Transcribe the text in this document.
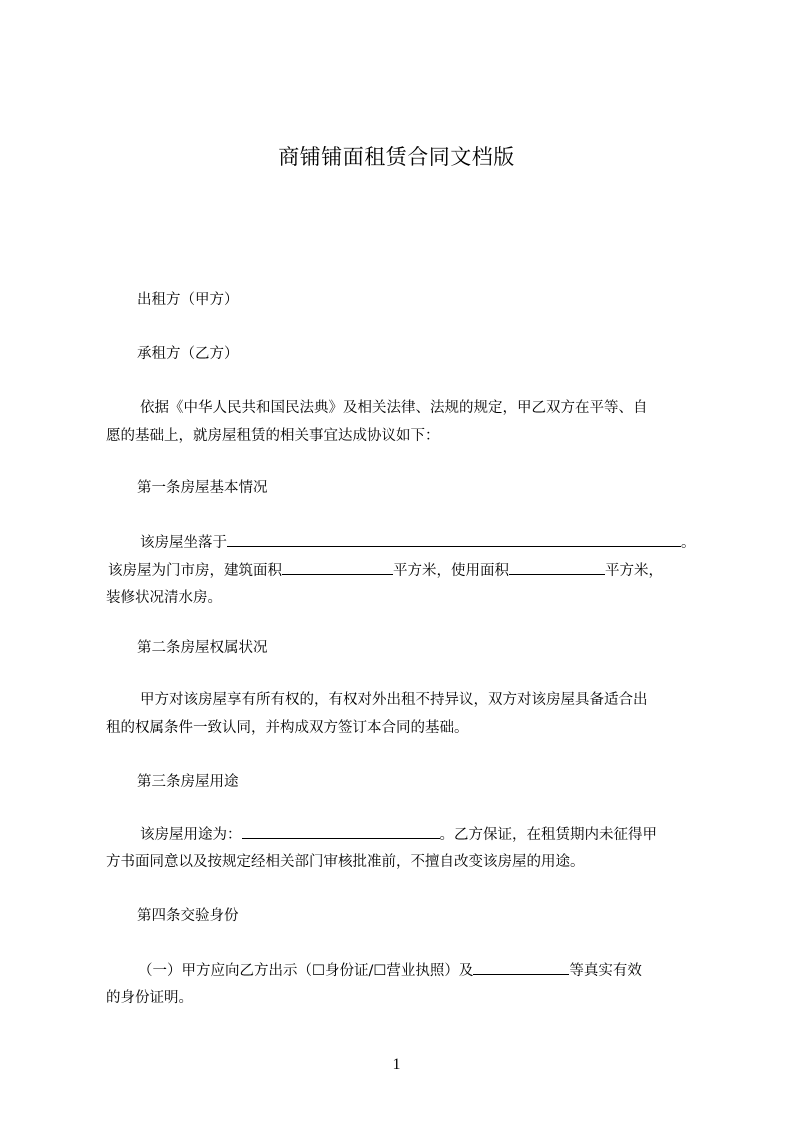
商铺铺面租赁合同文档版
出租方（甲方）
承租方（乙方）
依据《中华人民共和国民法典》及相关法律、法规的规定，甲乙双方在平等、自
愿的基础上，就房屋租赁的相关事宜达成协议如下：
第一条房屋基本情况
该房屋坐落于	。
该房屋为门市房，建筑面积	平方米，使用面积	平方米，
装修状况清水房。
第二条房屋权属状况
甲方对该房屋享有所有权的，有权对外出租不持异议，双方对该房屋具备适合出
租的权属条件一致认同，并构成双方签订本合同的基础。
第三条房屋用途
该房屋用途为：	。乙方保证，在租赁期内未征得甲
方书面同意以及按规定经相关部门审核批准前，不擅自改变该房屋的用途。
第四条交验身份
（一）甲方应向乙方出示（☐身份证/☐营业执照）及	等真实有效
的身份证明。
1
